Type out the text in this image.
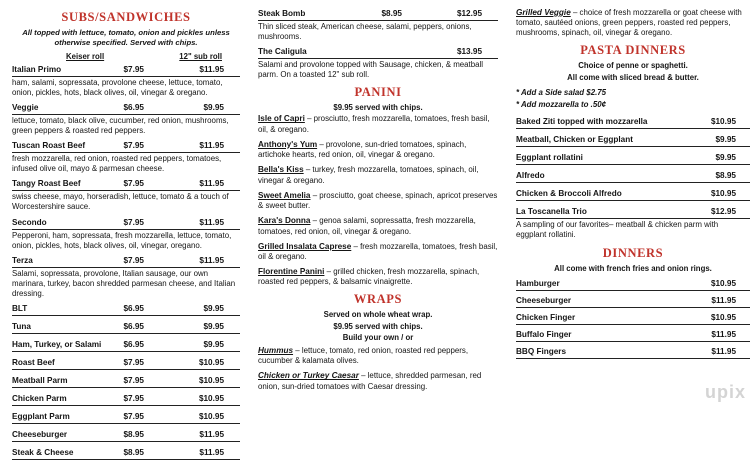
SUBS/SANDWICHES
All topped with lettuce, tomato, onion and pickles unless otherwise specified. Served with chips.
Keiser roll	12" sub roll
Italian Primo	$7.95	$11.95
ham, salami, sopressata, provolone cheese, lettuce, tomato, onion, pickles, hots, black olives, oil, vinegar & oregano.
Veggie	$6.95	$9.95
lettuce, tomato, black olive, cucumber, red onion, mushrooms, green peppers & roasted red peppers.
Tuscan Roast Beef	$7.95	$11.95
fresh mozzarella, red onion, roasted red peppers, tomatoes, infused olive oil, mayo & parmesan cheese.
Tangy Roast Beef	$7.95	$11.95
swiss cheese, mayo, horseradish, lettuce, tomato & a touch of Worcestershire sauce.
Secondo	$7.95	$11.95
Pepperoni, ham, sopressata, fresh mozzarella, lettuce, tomato, onion, pickles, hots, black olives, oil, vinegar, oregano.
Terza	$7.95	$11.95
Salami, sopressata, provolone, Italian sausage, our own marinara, turkey, bacon shredded parmesan cheese, and Italian dressing.
BLT	$6.95	$9.95
Tuna	$6.95	$9.95
Ham, Turkey, or Salami	$6.95	$9.95
Roast Beef	$7.95	$10.95
Meatball Parm	$7.95	$10.95
Chicken Parm	$7.95	$10.95
Eggplant Parm	$7.95	$10.95
Cheeseburger	$8.95	$11.95
Steak & Cheese	$8.95	$11.95
Steak Bomb	$8.95	$12.95
Thin sliced steak, American cheese, salami, peppers, onions, mushrooms.
The Caligula	$13.95
Salami and provolone topped with Sausage, chicken, & meatball parm. On a toasted 12" sub roll.
PANINI
$9.95 served with chips.

Isle of Capri – prosciutto, fresh mozzarella, tomatoes, fresh basil, oil, & oregano.

Anthony's Yum – provolone, sun-dried tomatoes, spinach, artichoke hearts, red onion, oil, vinegar & oregano.

Bella's Kiss – turkey, fresh mozzarella, tomatoes, spinach, oil, vinegar & oregano.

Sweet Amelia – prosciutto, goat cheese, spinach, apricot preserves & sweet butter.

Kara's Donna – genoa salami, sopressatta, fresh mozzarella, tomatoes, red onion, oil, vinegar & oregano.

Grilled Insalata Caprese – fresh mozzarella, tomatoes, fresh basil, oil & oregano.

Florentine Panini – grilled chicken, fresh mozzarella, spinach, roasted red peppers, & balsamic vinaigrette.

WRAPS

Served on whole wheat wrap.

$9.95 served with chips.

Build your own / or

Hummus – lettuce, tomato, red onion, roasted red peppers, cucumber & kalamata olives.

Chicken or Turkey Caesar – lettuce, shredded parmesan, red onion, sun-dried tomatoes with Caesar dressing.

Grilled Veggie – choice of fresh mozzarella or goat cheese with tomato, sautéed onions, green peppers, roasted red peppers, mushrooms, spinach, oil, vinegar & oregano.

PASTA DINNERS

Choice of penne or spaghetti.

All come with sliced bread & butter.

* Add a Side salad $2.75

* Add mozzarella to .50¢

Baked Ziti topped with mozzarella	$10.95
Meatball, Chicken or Eggplant	$9.95
Eggplant rollatini	$9.95
Alfredo	$8.95
Chicken & Broccoli Alfredo	$10.95
La Toscanella Trio	$12.95
A sampling of our favorites– meatball & chicken parm with eggplant rollatini.
DINNERS
All come with french fries and onion rings.
Hamburger	$10.95
Cheeseburger	$11.95
Chicken Finger	$10.95
Buffalo Finger	$11.95
BBQ Fingers	$11.95
upix
